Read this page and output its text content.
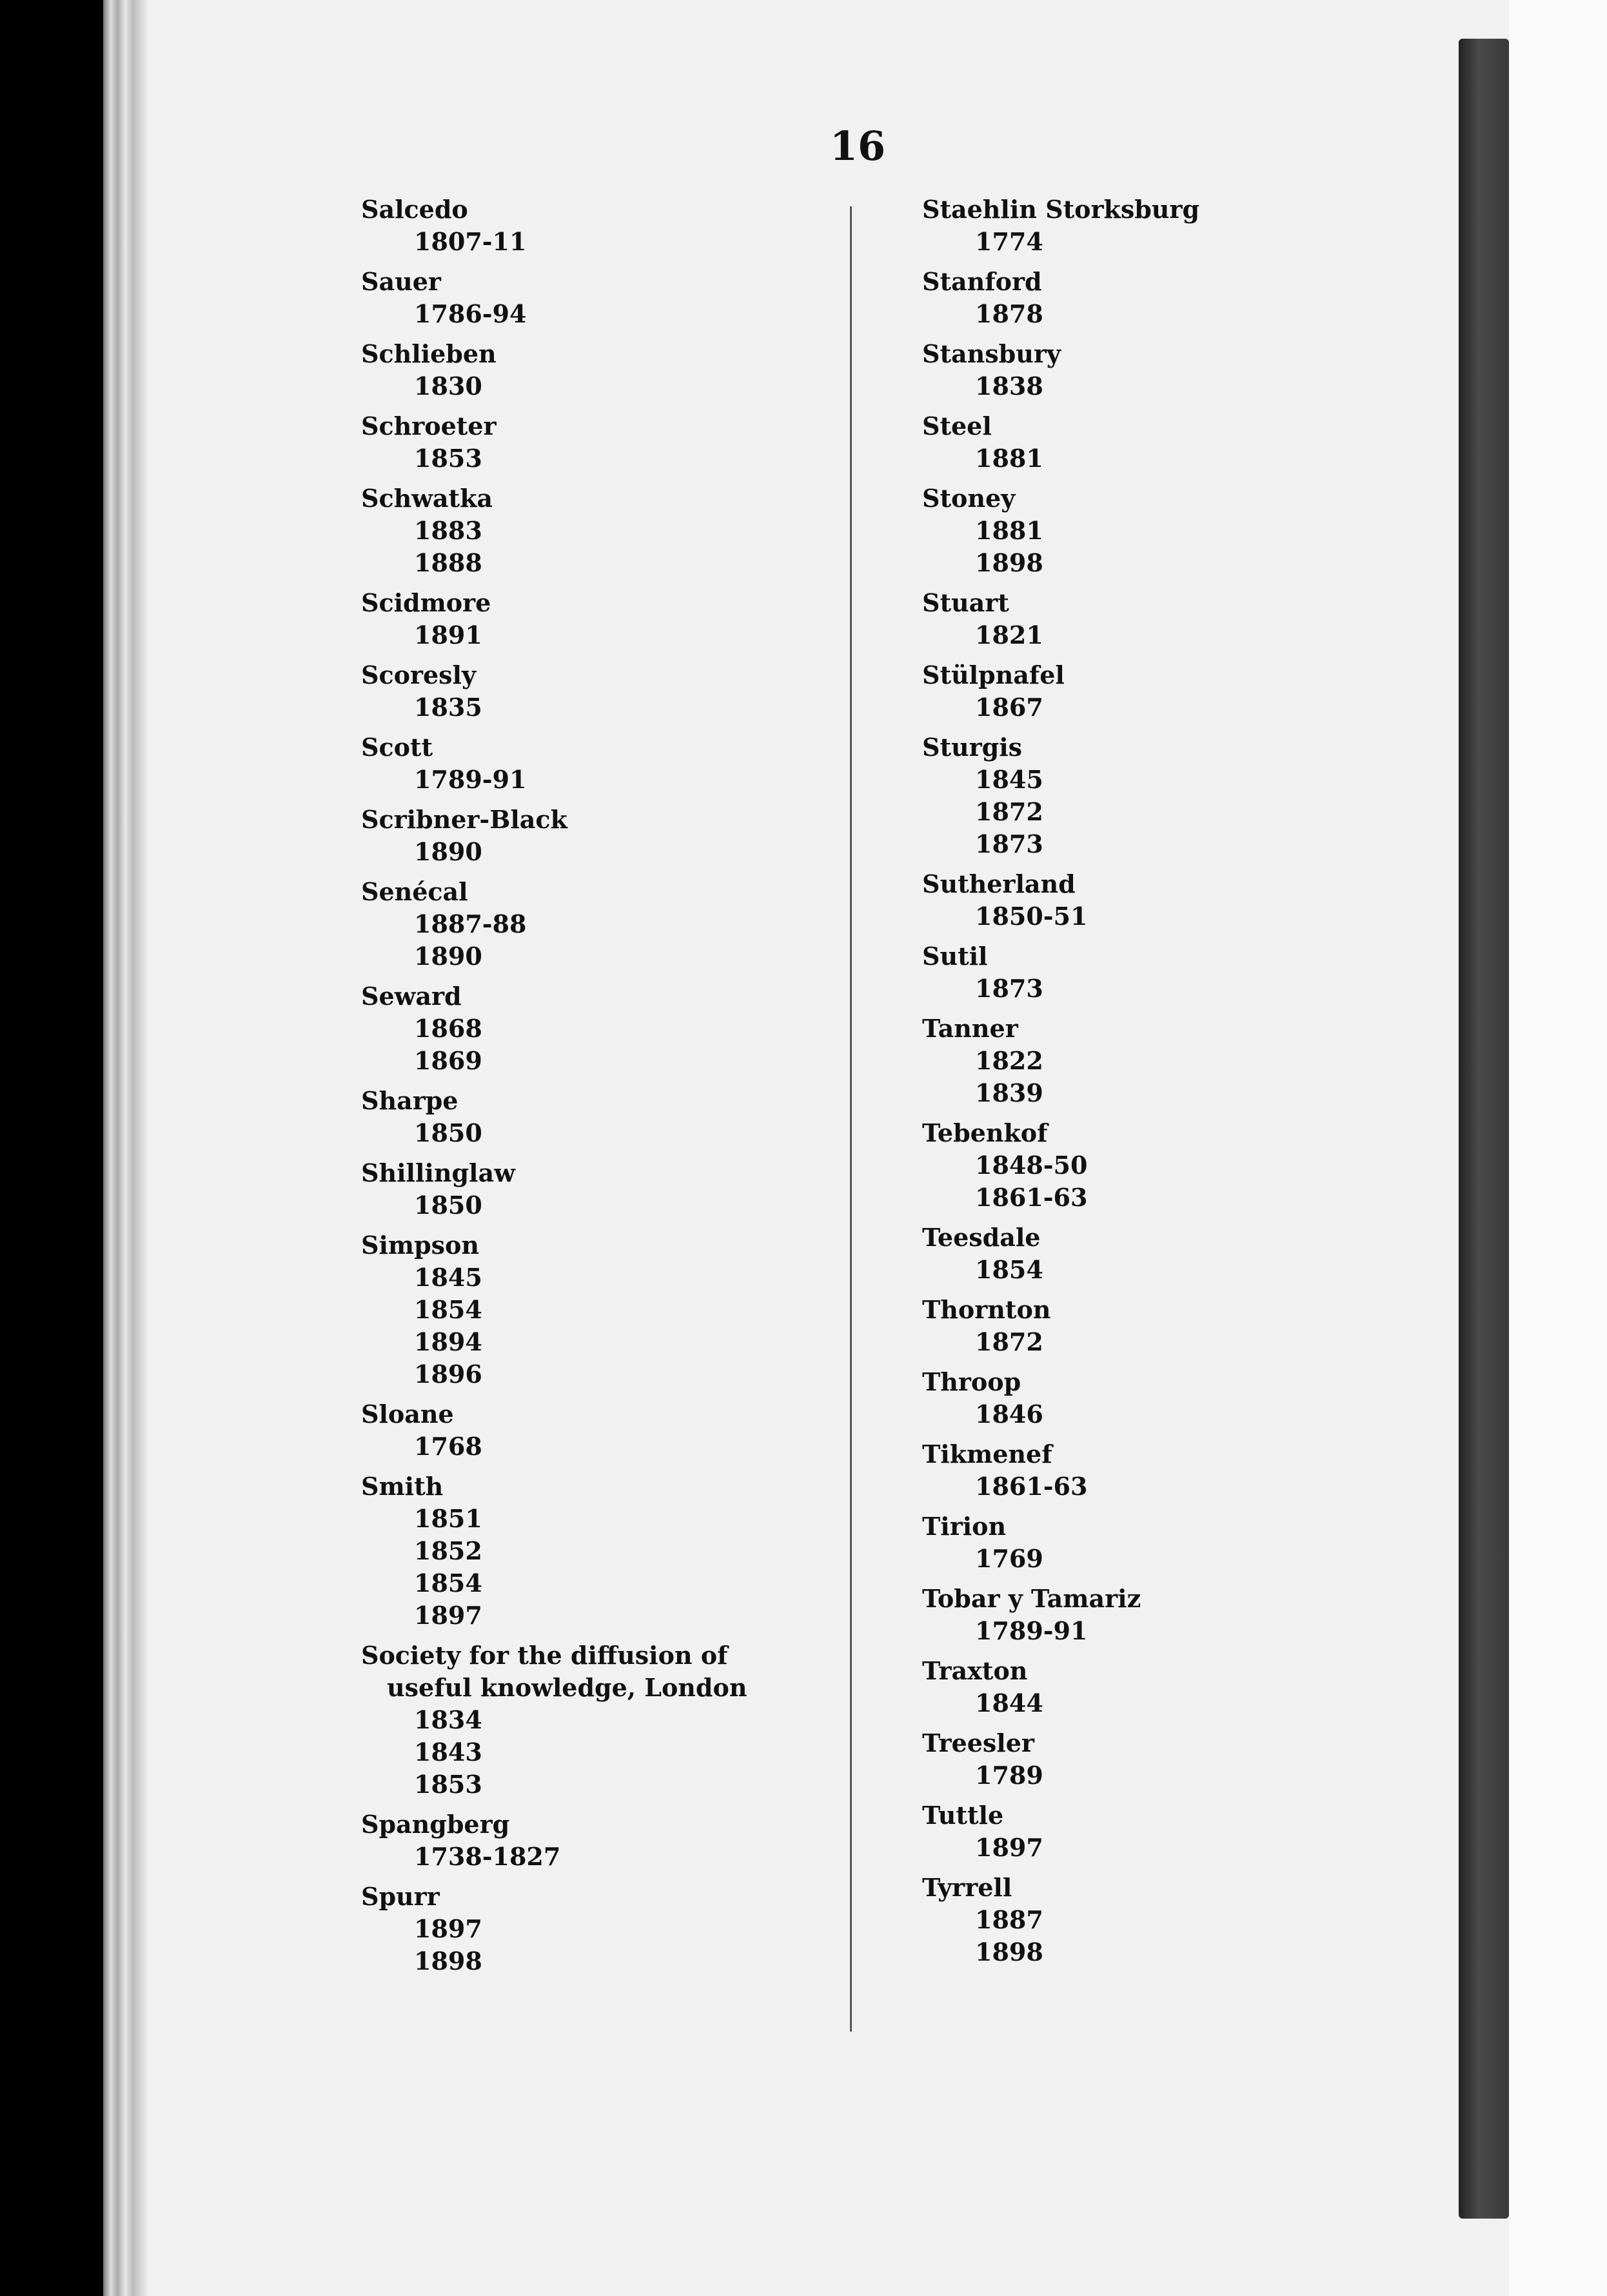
16
Salcedo
1807-11
Sauer
1786-94
Schlieben
1830
Schroeter
1853
Schwatka
1883
1888
Scidmore
1891
Scoresly
1835
Scott
1789-91
Scribner-Black
1890
Senécal
1887-88
1890
Seward
1868
1869
Sharpe
1850
Shillinglaw
1850
Simpson
1845
1854
1894
1896
Sloane
1768
Smith
1851
1852
1854
1897
Society for the diffusion of
useful knowledge, London
1834
1843
1853
Spangberg
1738-1827
Spurr
1897
1898
Staehlin Storksburg
1774
Stanford
1878
Stansbury
1838
Steel
1881
Stoney
1881
1898
Stuart
1821
Stülpnafel
1867
Sturgis
1845
1872
1873
Sutherland
1850-51
Sutil
1873
Tanner
1822
1839
Tebenkof
1848-50
1861-63
Teesdale
1854
Thornton
1872
Throop
1846
Tikmenef
1861-63
Tirion
1769
Tobar y Tamariz
1789-91
Traxton
1844
Treesler
1789
Tuttle
1897
Tyrrell
1887
1898
